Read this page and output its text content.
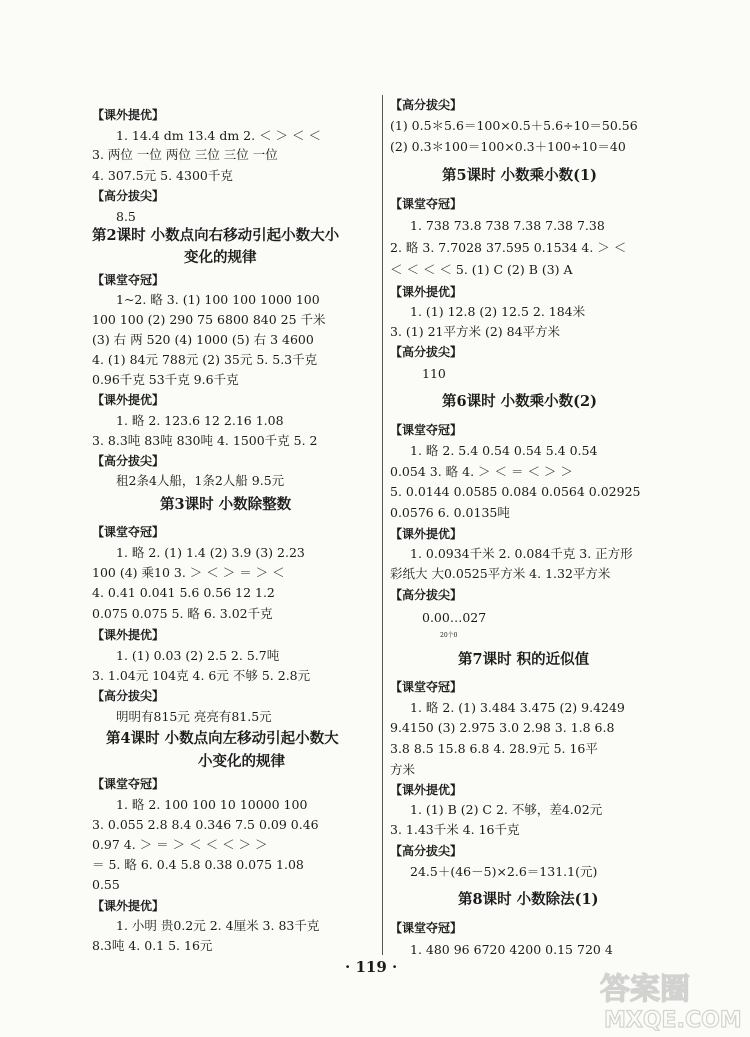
【课外提优】
1. 14.4 dm 13.4 dm 2. ＜ ＞ ＜ ＜
3. 两位 一位 两位 三位 三位 一位
4. 307.5元 5. 4300千克
【高分拔尖】
8.5
第2课时 小数点向右移动引起小数大小
变化的规律
【课堂夺冠】
1~2. 略 3. (1) 100 100 1000 100
100 100 (2) 290 75 6800 840 25 千米
(3) 右 两 520 (4) 1000 (5) 右 3 4600
4. (1) 84元 788元 (2) 35元 5. 5.3千克
0.96千克 53千克 9.6千克
【课外提优】
1. 略 2. 123.6 12 2.16 1.08
3. 8.3吨 83吨 830吨 4. 1500千克 5. 2
【高分拔尖】
租2条4人船，1条2人船 9.5元
第3课时 小数除整数
【课堂夺冠】
1. 略 2. (1) 1.4 (2) 3.9 (3) 2.23
100 (4) 乘10 3. ＞ ＜ ＞ ＝ ＞ ＜
4. 0.41 0.041 5.6 0.56 12 1.2
0.075 0.075 5. 略 6. 3.02千克
【课外提优】
1. (1) 0.03 (2) 2.5 2. 5.7吨
3. 1.04元 104克 4. 6元 不够 5. 2.8元
【高分拔尖】
明明有815元 亮亮有81.5元
第4课时 小数点向左移动引起小数大
小变化的规律
【课堂夺冠】
1. 略 2. 100 100 10 10000 100
3. 0.055 2.8 8.4 0.346 7.5 0.09 0.46
0.97 4. ＞ ＝ ＞ ＜ ＜ ＜ ＞ ＞
＝ 5. 略 6. 0.4 5.8 0.38 0.075 1.08
0.55
【课外提优】
1. 小明 贵0.2元 2. 4厘米 3. 83千克
8.3吨 4. 0.1 5. 16元
【高分拔尖】
(1) 0.5＊5.6＝100×0.5＋5.6÷10＝50.56
(2) 0.3＊100＝100×0.3＋100÷10＝40
第5课时 小数乘小数(1)
【课堂夺冠】
1. 738 73.8 738 7.38 7.38 7.38
2. 略 3. 7.7028 37.595 0.1534 4. ＞ ＜
＜ ＜ ＜ ＜ 5. (1) C (2) B (3) A
【课外提优】
1. (1) 12.8 (2) 12.5 2. 184米
3. (1) 21平方米 (2) 84平方米
【高分拔尖】
110
第6课时 小数乘小数(2)
【课堂夺冠】
1. 略 2. 5.4 0.54 0.54 5.4 0.54
0.054 3. 略 4. ＞ ＜ ＝ ＜ ＞ ＞
5. 0.0144 0.0585 0.084 0.0564 0.02925
0.0576 6. 0.0135吨
【课外提优】
1. 0.0934千米 2. 0.084千克 3. 正方形
彩纸大 大0.0525平方米 4. 1.32平方米
【高分拔尖】
0.00…027
20个0
第7课时 积的近似值
【课堂夺冠】
1. 略 2. (1) 3.484 3.475 (2) 9.4249
9.4150 (3) 2.975 3.0 2.98 3. 1.8 6.8
3.8 8.5 15.8 6.8 4. 28.9元 5. 16平
方米
【课外提优】
1. (1) B (2) C 2. 不够，差4.02元
3. 1.43千米 4. 16千克
【高分拔尖】
24.5＋(46－5)×2.6＝131.1(元)
第8课时 小数除法(1)
【课堂夺冠】
1. 480 96 6720 4200 0.15 720 4
· 119 ·
答案圈
MXQE.COM
